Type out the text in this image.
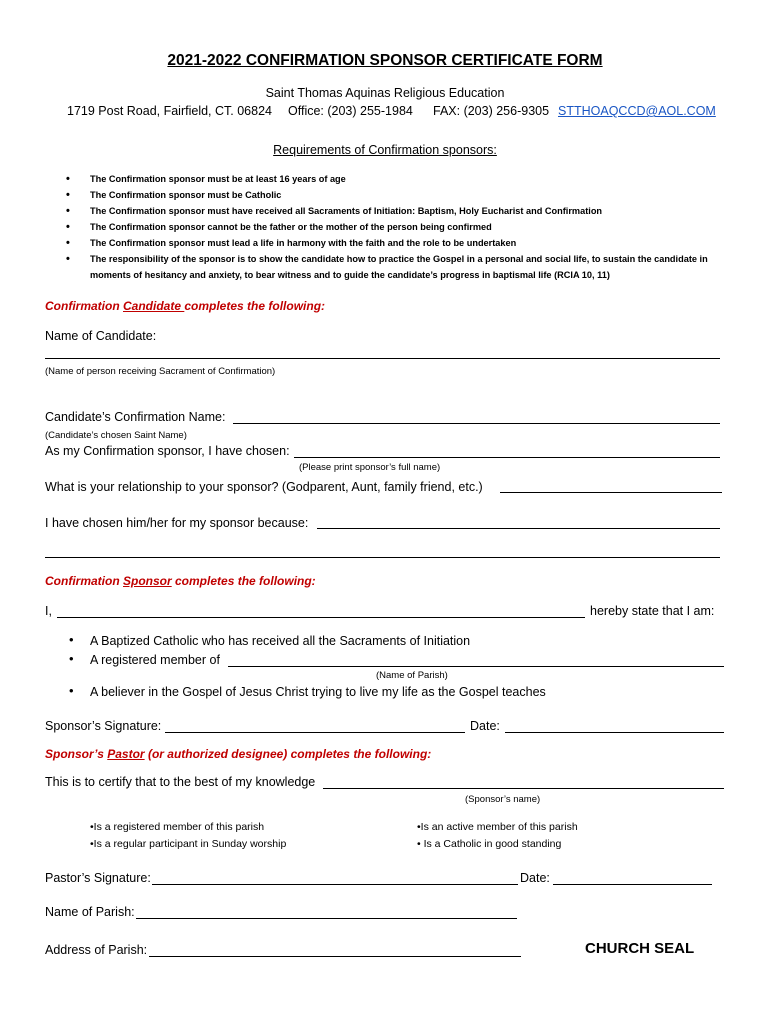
2021-2022 CONFIRMATION SPONSOR CERTIFICATE FORM
Saint Thomas Aquinas Religious Education
1719 Post Road, Fairfield, CT. 06824 Office: (203) 255-1984 FAX: (203) 256-9305 STTHOAQCCD@AOL.COM
Requirements of Confirmation sponsors:
• The Confirmation sponsor must be at least 16 years of age
• The Confirmation sponsor must be Catholic
• The Confirmation sponsor must have received all Sacraments of Initiation: Baptism, Holy Eucharist and Confirmation
• The Confirmation sponsor cannot be the father or the mother of the person being confirmed
• The Confirmation sponsor must lead a life in harmony with the faith and the role to be undertaken
• The responsibility of the sponsor is to show the candidate how to practice the Gospel in a personal and social life, to sustain the candidate in moments of hesitancy and anxiety, to bear witness and to guide the candidate’s progress in baptismal life (RCIA 10, 11)
Confirmation Candidate completes the following:
Name of Candidate:
(Name of person receiving Sacrament of Confirmation)
Candidate’s Confirmation Name:
(Candidate’s chosen Saint Name)
As my Confirmation sponsor, I have chosen:
(Please print sponsor’s full name)
What is your relationship to your sponsor? (Godparent, Aunt, family friend, etc.)
I have chosen him/her for my sponsor because:
Confirmation Sponsor completes the following:
I,	hereby state that I am:
• A Baptized Catholic who has received all the Sacraments of Initiation
• A registered member of
(Name of Parish)
• A believer in the Gospel of Jesus Christ trying to live my life as the Gospel teaches
Sponsor’s Signature:	Date:
Sponsor’s Pastor (or authorized designee) completes the following:
This is to certify that to the best of my knowledge
(Sponsor’s name)
•Is a registered member of this parish
•Is a regular participant in Sunday worship
•Is an active member of this parish
• Is a Catholic in good standing
Pastor’s Signature:	Date:
Name of Parish:
Address of Parish:	CHURCH SEAL
